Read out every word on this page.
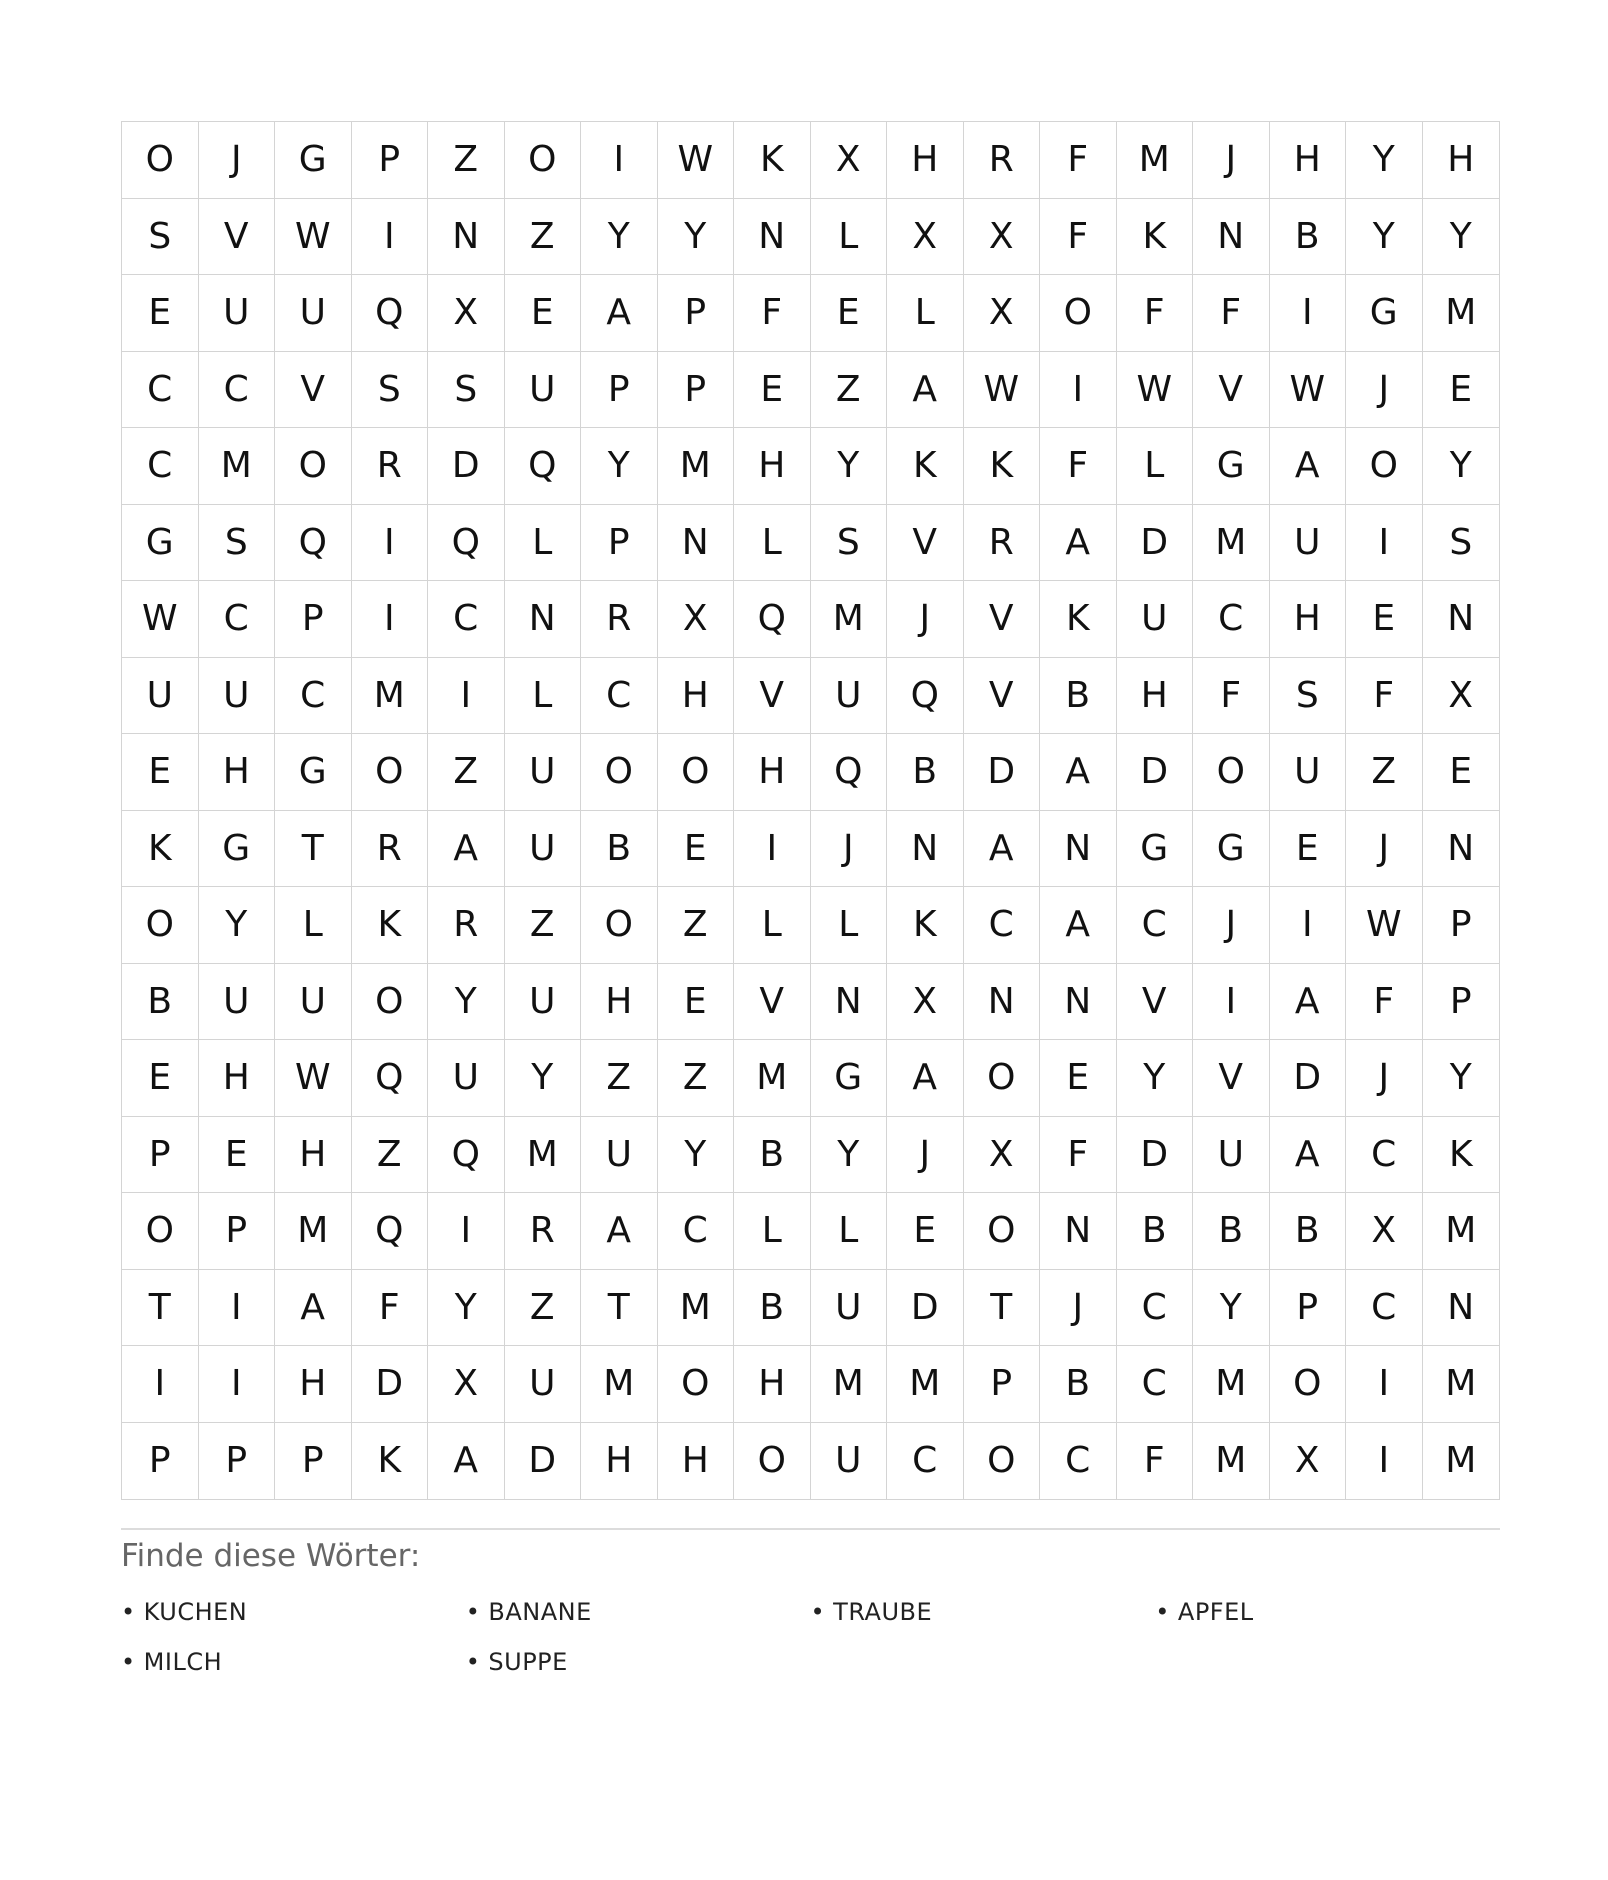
O	J	G	P	Z	O	I	W	K	X	H	R	F	M	J	H	Y	H
S	V	W	I	N	Z	Y	Y	N	L	X	X	F	K	N	B	Y	Y
E	U	U	Q	X	E	A	P	F	E	L	X	O	F	F	I	G	M
C	C	V	S	S	U	P	P	E	Z	A	W	I	W	V	W	J	E
C	M	O	R	D	Q	Y	M	H	Y	K	K	F	L	G	A	O	Y
G	S	Q	I	Q	L	P	N	L	S	V	R	A	D	M	U	I	S
W	C	P	I	C	N	R	X	Q	M	J	V	K	U	C	H	E	N
U	U	C	M	I	L	C	H	V	U	Q	V	B	H	F	S	F	X
E	H	G	O	Z	U	O	O	H	Q	B	D	A	D	O	U	Z	E
K	G	T	R	A	U	B	E	I	J	N	A	N	G	G	E	J	N
O	Y	L	K	R	Z	O	Z	L	L	K	C	A	C	J	I	W	P
B	U	U	O	Y	U	H	E	V	N	X	N	N	V	I	A	F	P
E	H	W	Q	U	Y	Z	Z	M	G	A	O	E	Y	V	D	J	Y
P	E	H	Z	Q	M	U	Y	B	Y	J	X	F	D	U	A	C	K
O	P	M	Q	I	R	A	C	L	L	E	O	N	B	B	B	X	M
T	I	A	F	Y	Z	T	M	B	U	D	T	J	C	Y	P	C	N
I	I	H	D	X	U	M	O	H	M	M	P	B	C	M	O	I	M
P	P	P	K	A	D	H	H	O	U	C	O	C	F	M	X	I	M
Finde diese Wörter:
• KUCHEN	• BANANE	• TRAUBE	• APFEL
• MILCH	• SUPPE
